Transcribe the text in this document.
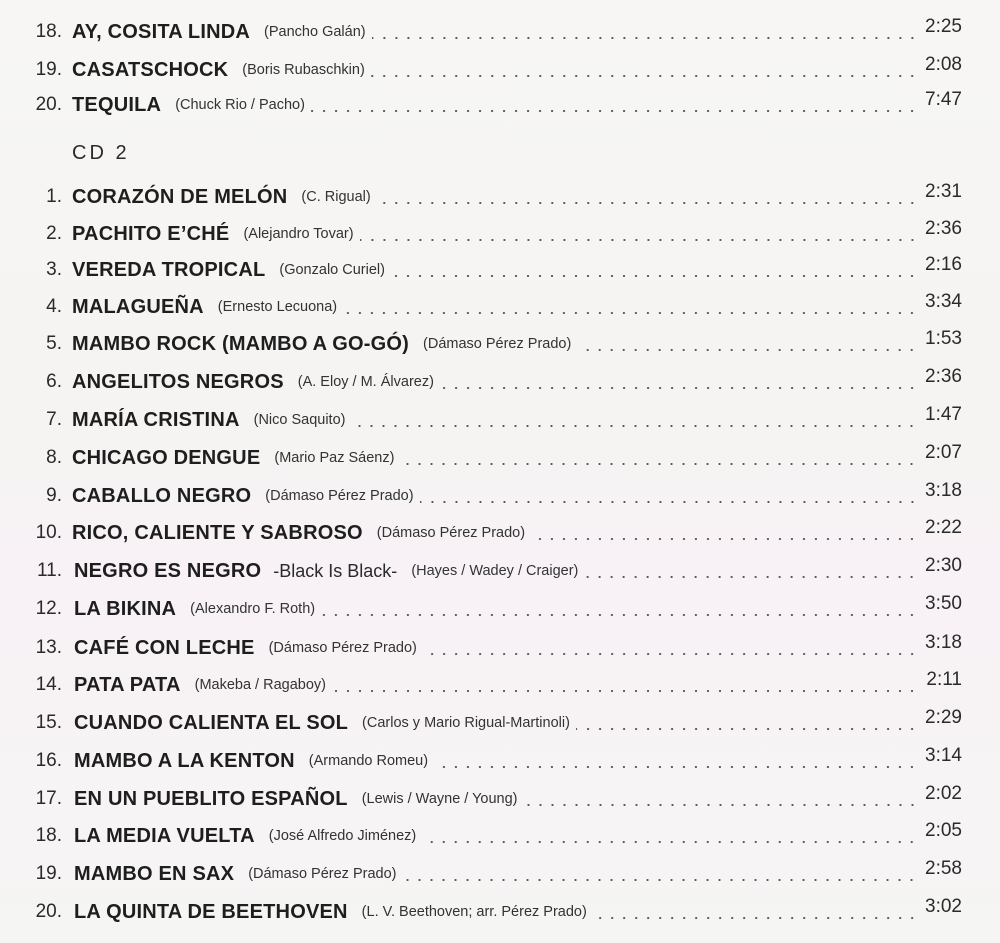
18. AY, COSITA LINDA (Pancho Galán)	2:25
19. CASATSCHOCK (Boris Rubaschkin)	2:08
20. TEQUILA (Chuck Rio / Pacho)	7:47
CD 2
1. CORAZÓN DE MELÓN (C. Rigual)	2:31
2. PACHITO E’CHÉ (Alejandro Tovar)	2:36
3. VEREDA TROPICAL (Gonzalo Curiel)	2:16
4. MALAGUEÑA (Ernesto Lecuona)	3:34
5. MAMBO ROCK (MAMBO A GO-GÓ) (Dámaso Pérez Prado)	1:53
6. ANGELITOS NEGROS (A. Eloy / M. Álvarez)	2:36
7. MARÍA CRISTINA (Nico Saquito)	1:47
8. CHICAGO DENGUE (Mario Paz Sáenz)	2:07
9. CABALLO NEGRO (Dámaso Pérez Prado)	3:18
10. RICO, CALIENTE Y SABROSO (Dámaso Pérez Prado)	2:22
11. NEGRO ES NEGRO -Black Is Black- (Hayes / Wadey / Craiger)	2:30
12. LA BIKINA (Alexandro F. Roth)	3:50
13. CAFÉ CON LECHE (Dámaso Pérez Prado)	3:18
14. PATA PATA (Makeba / Ragaboy)	2:11
15. CUANDO CALIENTA EL SOL (Carlos y Mario Rigual-Martinoli)	2:29
16. MAMBO A LA KENTON (Armando Romeu)	3:14
17. EN UN PUEBLITO ESPAÑOL (Lewis / Wayne / Young)	2:02
18. LA MEDIA VUELTA (José Alfredo Jiménez)	2:05
19. MAMBO EN SAX (Dámaso Pérez Prado)	2:58
20. LA QUINTA DE BEETHOVEN (L. V. Beethoven; arr. Pérez Prado)	3:02
